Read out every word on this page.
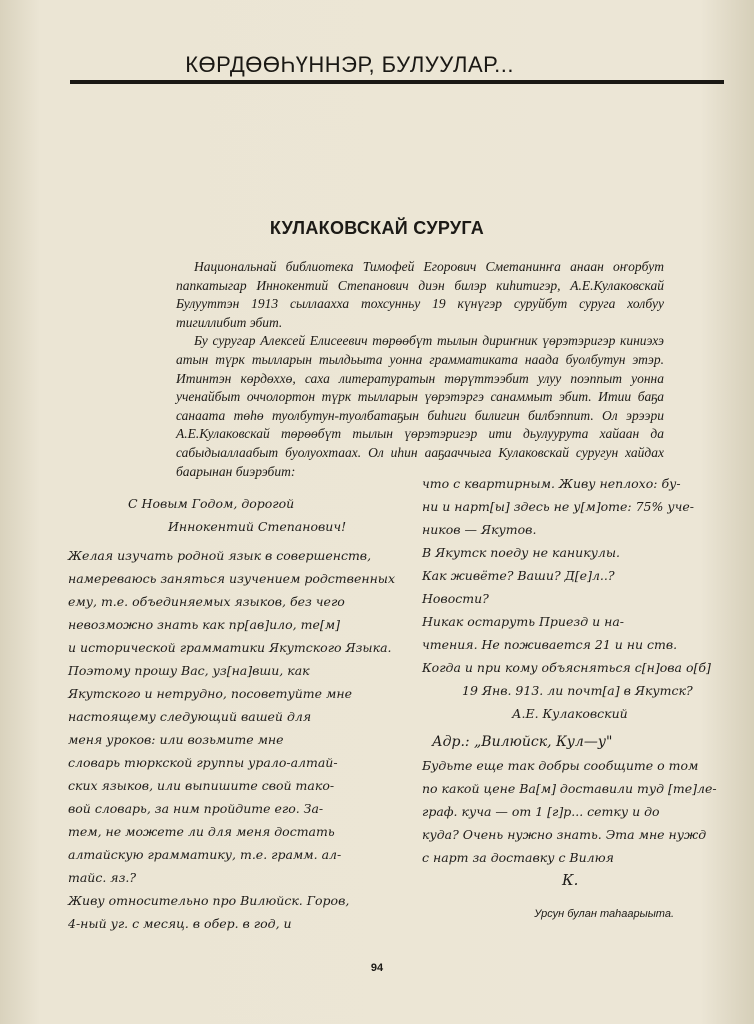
КӨРДӨӨҺҮННЭР, БУЛУУЛАР...
КУЛАКОВСКАЙ СУРУГА

Национальнай библиотека Тимофей Егорович Сметанинҥа анаан оҥорбут папкатыгар Иннокентий Степанович диэн билэр киһитигэр, А.Е.Кулаковскай Булууттэн 1913 сыллаахха тохсунньу 19 күнүгэр суруйбут суруга холбуу тигиллибит эбит.

Бу суругар Алексей Елисеевич төрөөбүт тылын дириҥник үөрэтэригэр киниэхэ атын түрк тылларын тылдьыта уонна грамматиката наада буолбутун этэр. Итинтэн көрдөххө, саха литературатын төрүттээбит улуу поэппыт уонна ученайбыт оччолортон түрк тылларын үөрэтэргэ санаммыт эбит. Итии баҕа санаата төһө туолбутун-туолбатаҕын биһиги билигин билбэппит. Ол эрээри А.Е.Кулаковскай төрөөбүт тылын үөрэтэригэр ити дьулуурута хайаан да сабыдыаллаабыт буолуохтаах. Ол иһин ааҕааччыга Кулаковскай суругун хайдах баарынан биэрэбит:

С Новым Годом, дорогой
Иннокентий Степанович!
Желая изучать родной язык в совершенств,
намереваюсь заняться изучением родственных
ему, т.е. объединяемых языков, без чего
невозможно знать как пр[ав]ило, те[м]
и исторической грамматики Якутского Языка.
Поэтому прошу Вас, уз[на]вши, как
Якутского и нетрудно, посоветуйте мне
настоящему следующий вашей для
меня уроков: или возьмите мне
словарь тюркской группы урало-алтай-
ских языков, или выпишите свой тако-
вой словарь, за ним пройдите его. За-
тем, не можете ли для меня достать
алтайскую грамматику, т.е. грамм. ал-
тайс. яз.?
Живу относительно про Вилюйск. Горов,
4-ный уг. с месяц. в обер. в год, и
что с квартирным. Живу неплохо: бу-
ни и нарт[ы] здесь не у[м]оте: 75% уче-
ников — Якутов.
В Якутск поеду не каникулы.
Как живёте? Ваши? Д[е]л..?
Новости?
Никак остаруть Приезд и на-
чтения. Не поживается 21 и ни ств.
Когда и при кому объясняться с[н]ова о[б]
19 Янв. 913. ли почт[а] в Якутск?
А.Е. Кулаковский
Адр.: „Вилюйск, Кул—у"
Будьте еще так добры сообщите о том
по какой цене Ва[м] доставили туд [те]ле-
граф. куча — от 1 [г]р... сетку и до
куда? Очень нужно знать. Эта мне нужд
с нарт за доставку с Вилюя
К.
Урсун булан таһаарыыта.
94
